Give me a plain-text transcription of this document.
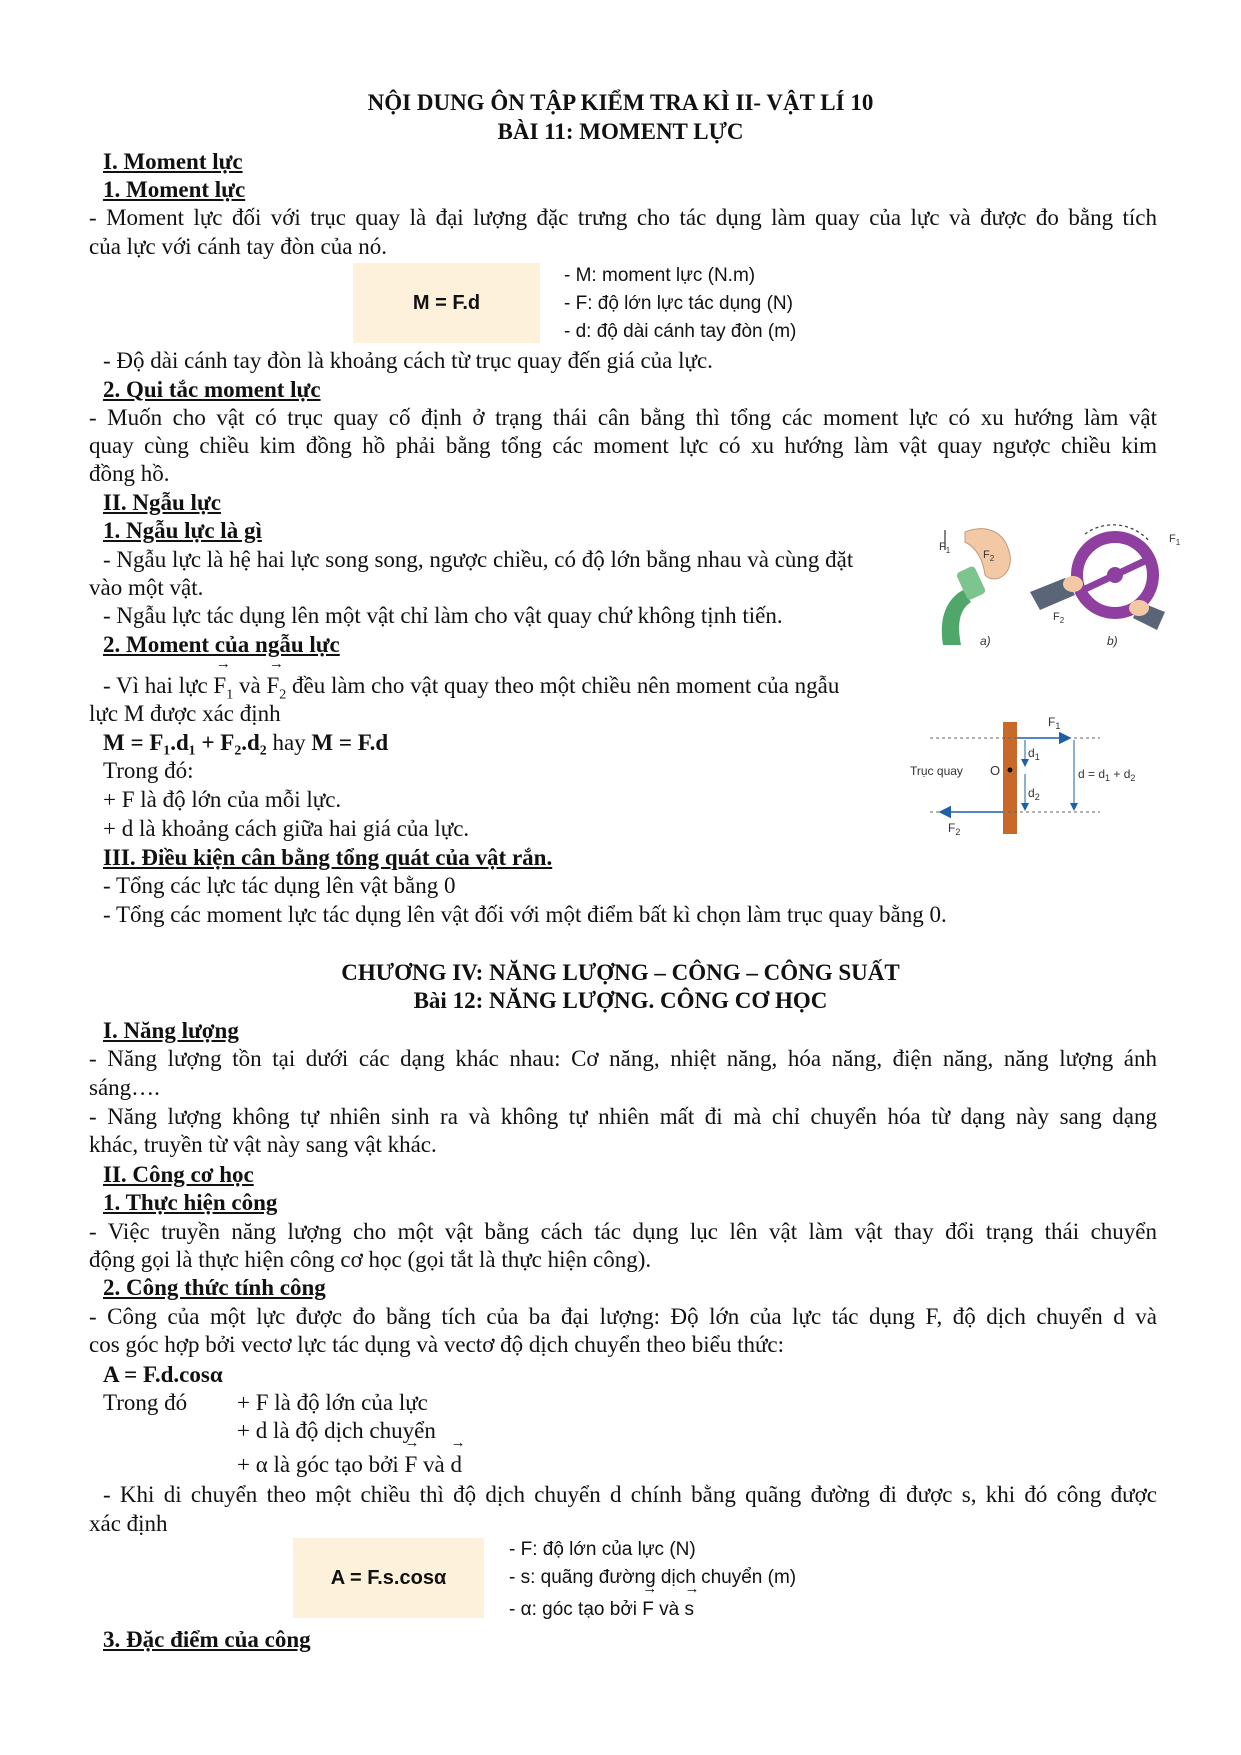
NỘI DUNG ÔN TẬP KIỂM TRA KÌ II- VẬT LÍ 10
BÀI 11: MOMENT LỰC
I. Moment lực
1. Moment lực
- Moment lực đối với trục quay là đại lượng đặc trưng cho tác dụng làm quay của lực và được đo bằng tích
của lực với cánh tay đòn của nó.
M = F.d
- M: moment lực (N.m)
- F: độ lớn lực tác dụng (N)
- d: độ dài cánh tay đòn (m)
- Độ dài cánh tay đòn là khoảng cách từ trục quay đến giá của lực.
2. Qui tắc moment lực
- Muốn cho vật có trục quay cố định ở trạng thái cân bằng thì tổng các moment lực có xu hướng làm vật
quay cùng chiều kim đồng hồ phải bằng tổng các moment lực có xu hướng làm vật quay ngược chiều kim
đồng hồ.
II. Ngẫu lực
1. Ngẫu lực là gì
- Ngẫu lực là hệ hai lực song song, ngược chiều, có độ lớn bằng nhau và cùng đặt
vào một vật.
- Ngẫu lực tác dụng lên một vật chỉ làm cho vật quay chứ không tịnh tiến.
2. Moment của ngẫu lực
- Vì hai lực → $F_1$ và → $F_2$ đều làm cho vật quay theo một chiều nên moment của ngẫu
lực M được xác định
M = F₁.d₁ + F₂.d₂ hay M = F.d
Trong đó:
+ F là độ lớn của mỗi lực.
+ d là khoảng cách giữa hai giá của lực.
$F_1$	$F_2$
a)
$F_1$
$F_2$
b)
Trục quay O
$d_1$
$d_2$
$d = d_1 + d_2$
$F_1$
$F_2$
III. Điều kiện cân bằng tổng quát của vật rắn.
- Tổng các lực tác dụng lên vật bằng 0
- Tổng các moment lực tác dụng lên vật đối với một điểm bất kì chọn làm trục quay bằng 0.
CHƯƠNG IV: NĂNG LƯỢNG – CÔNG – CÔNG SUẤT
Bài 12: NĂNG LƯỢNG. CÔNG CƠ HỌC
I. Năng lượng
- Năng lượng tồn tại dưới các dạng khác nhau: Cơ năng, nhiệt năng, hóa năng, điện năng, năng lượng ánh
sáng….
- Năng lượng không tự nhiên sinh ra và không tự nhiên mất đi mà chỉ chuyển hóa từ dạng này sang dạng
khác, truyền từ vật này sang vật khác.
II. Công cơ học
1. Thực hiện công
- Việc truyền năng lượng cho một vật bằng cách tác dụng lục lên vật làm vật thay đổi trạng thái chuyển
động gọi là thực hiện công cơ học (gọi tắt là thực hiện công).
2. Công thức tính công
- Công của một lực được đo bằng tích của ba đại lượng: Độ lớn của lực tác dụng F, độ dịch chuyển d và
cos góc hợp bởi vectơ lực tác dụng và vectơ độ dịch chuyển theo biểu thức:
A = F.d.cosα
Trong đó + F là độ lớn của lực
+ d là độ dịch chuyển
+ α là góc tạo bởi → F và → d
- Khi di chuyển theo một chiều thì độ dịch chuyển d chính bằng quãng đường đi được s, khi đó công được
xác định
A = F.s.cosα
- F: độ lớn của lực (N)
- s: quãng đường dịch chuyển (m)
- α: góc tạo bởi → F và → s
3. Đặc điểm của công
